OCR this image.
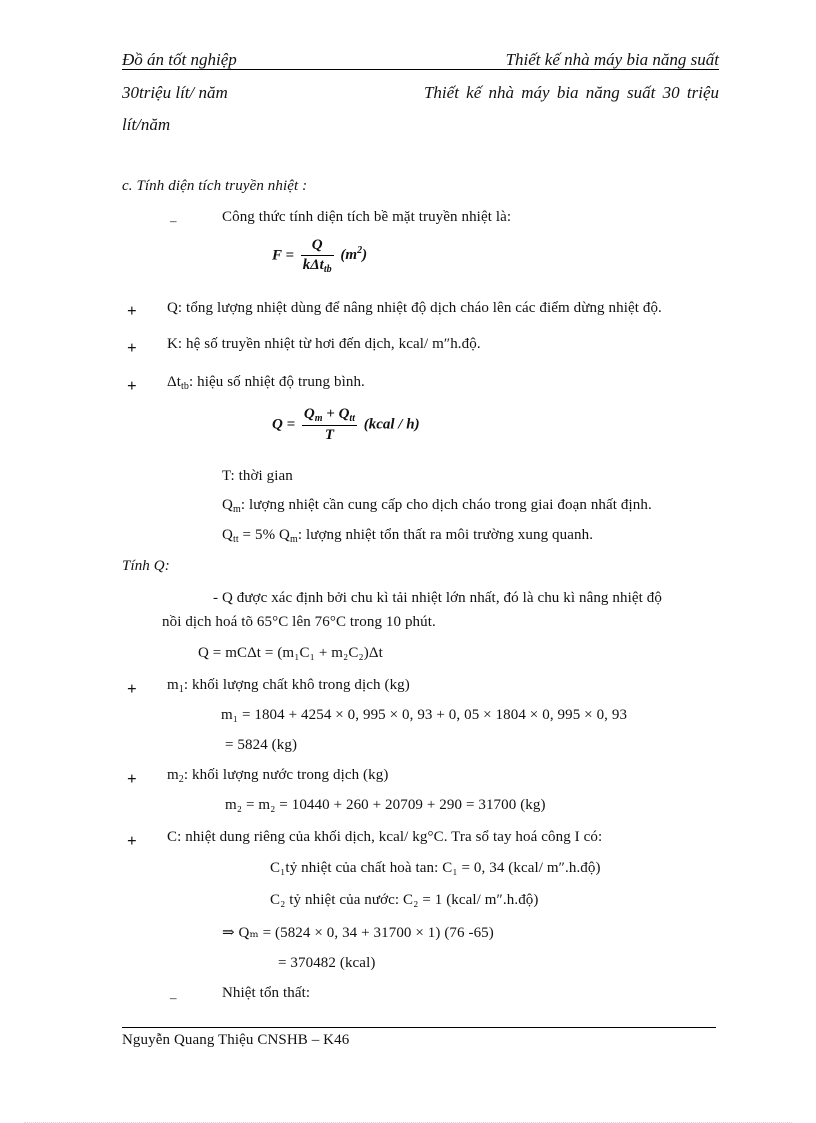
Đồ án tốt nghiệp	Thiết kế nhà máy bia năng suất
30triệu lít/ năm	Thiết kế nhà máy bia năng suất 30 triệu
lít/năm
c. Tính diện tích truyền nhiệt :
–	Công thức tính diện tích bề mặt truyền nhiệt là:
$F = \frac{Q}{k\Delta t_{tb}} (m^2)$
+ Q: tổng lượng nhiệt dùng để nâng nhiệt độ dịch cháo lên các điểm dừng nhiệt độ.
+ K: hệ số truyền nhiệt từ hơi đến dịch, kcal/ m″h.độ.
+ $\Delta t_{tb}$: hiệu số nhiệt độ trung bình.
$Q = \frac{Q_m + Q_{tt}}{T}$ (kcal / h)
T: thời gian
$Q_m$: lượng nhiệt cần cung cấp cho dịch cháo trong giai đoạn nhất định.
$Q_{tt} = 5\%$ $Q_m$: lượng nhiệt tổn thất ra môi trường xung quanh.
Tính Q:
- Q được xác định bởi chu kì tải nhiệt lớn nhất, đó là chu kì nâng nhiệt độ
nồi dịch hoá tõ 65°C lên 76°C trong 10 phút.
Q = mCΔt = (m₁C₁ + m₂C₂)Δt
+ $m_1$: khối lượng chất khô trong dịch (kg)
m₁ = 1804 + 4254 × 0, 995 × 0, 93 + 0, 05 × 1804 × 0, 995 × 0, 93
= 5824 (kg)
+ $m_2$: khối lượng nước trong dịch (kg)
m₂ = m₂ = 10440 + 260 + 20709 + 290 = 31700 (kg)
+ C: nhiệt dung riêng của khối dịch, kcal/ kg°C. Tra sổ tay hoá công I có:
C₁tỷ nhiệt của chất hoà tan: C₁ = 0, 34 (kcal/ m″.h.độ)
C₂ tỷ nhiệt của nước: C₂ = 1 (kcal/ m″.h.độ)
⇒ Qₘ = (5824 × 0, 34 + 31700 × 1) (76 -65)
= 370482 (kcal)
–	Nhiệt tổn thất:
Nguyễn Quang Thiệu CNSHB – K46
